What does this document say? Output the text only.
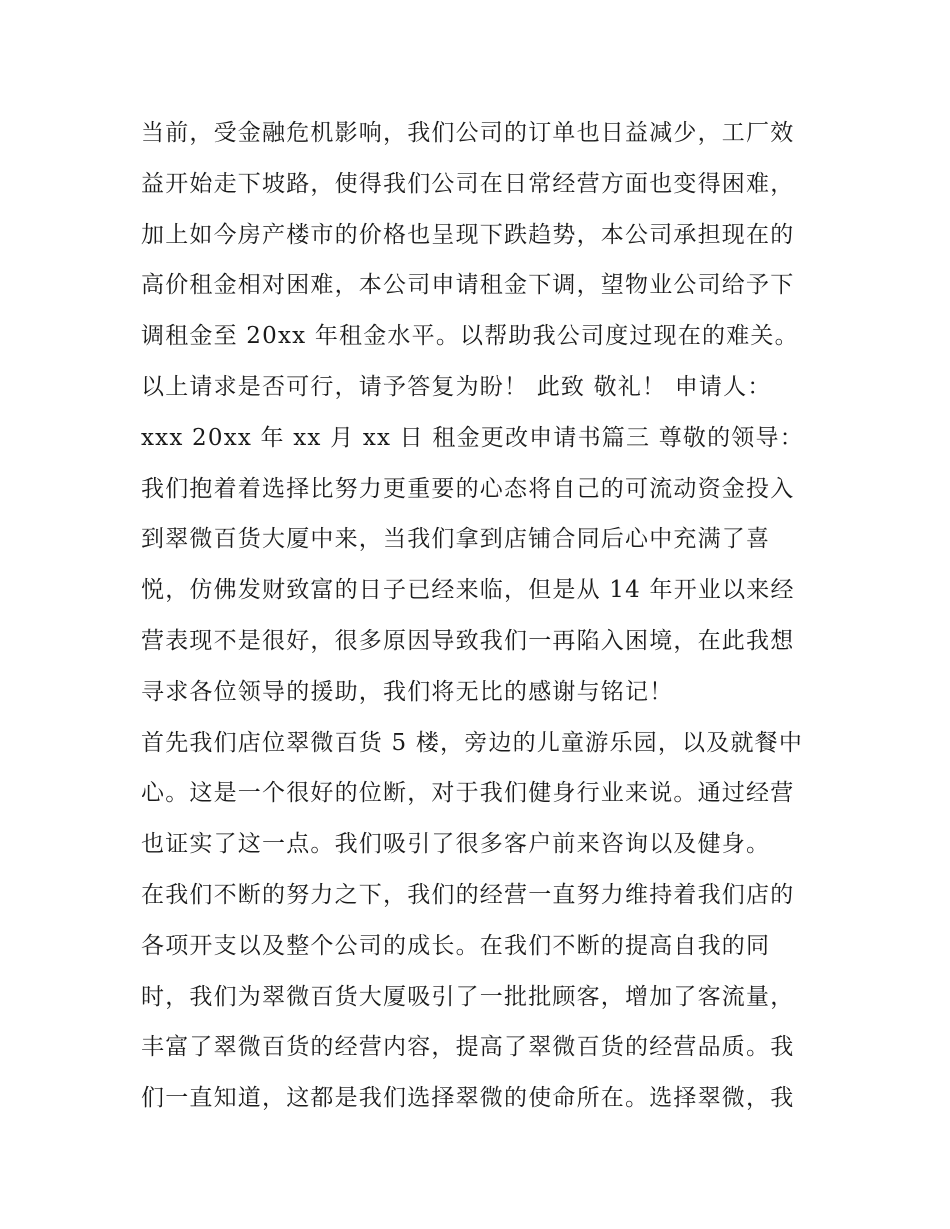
当前，受金融危机影响，我们公司的订单也日益减少，工厂效
益开始走下坡路，使得我们公司在日常经营方面也变得困难，
加上如今房产楼市的价格也呈现下跌趋势，本公司承担现在的
高价租金相对困难，本公司申请租金下调，望物业公司给予下
调租金至 20xx 年租金水平。以帮助我公司度过现在的难关。
以上请求是否可行，请予答复为盼！ 此致 敬礼！ 申请人：
xxx 20xx 年 xx 月 xx 日 租金更改申请书篇三 尊敬的领导：
我们抱着着选择比努力更重要的心态将自己的可流动资金投入
到翠微百货大厦中来，当我们拿到店铺合同后心中充满了喜
悦，仿佛发财致富的日子已经来临，但是从 14 年开业以来经
营表现不是很好，很多原因导致我们一再陷入困境，在此我想
寻求各位领导的援助，我们将无比的感谢与铭记！
首先我们店位翠微百货 5 楼，旁边的儿童游乐园，以及就餐中
心。这是一个很好的位断，对于我们健身行业来说。通过经营
也证实了这一点。我们吸引了很多客户前来咨询以及健身。
在我们不断的努力之下，我们的经营一直努力维持着我们店的
各项开支以及整个公司的成长。在我们不断的提高自我的同
时，我们为翠微百货大厦吸引了一批批顾客，增加了客流量，
丰富了翠微百货的经营内容，提高了翠微百货的经营品质。我
们一直知道，这都是我们选择翠微的使命所在。选择翠微，我
